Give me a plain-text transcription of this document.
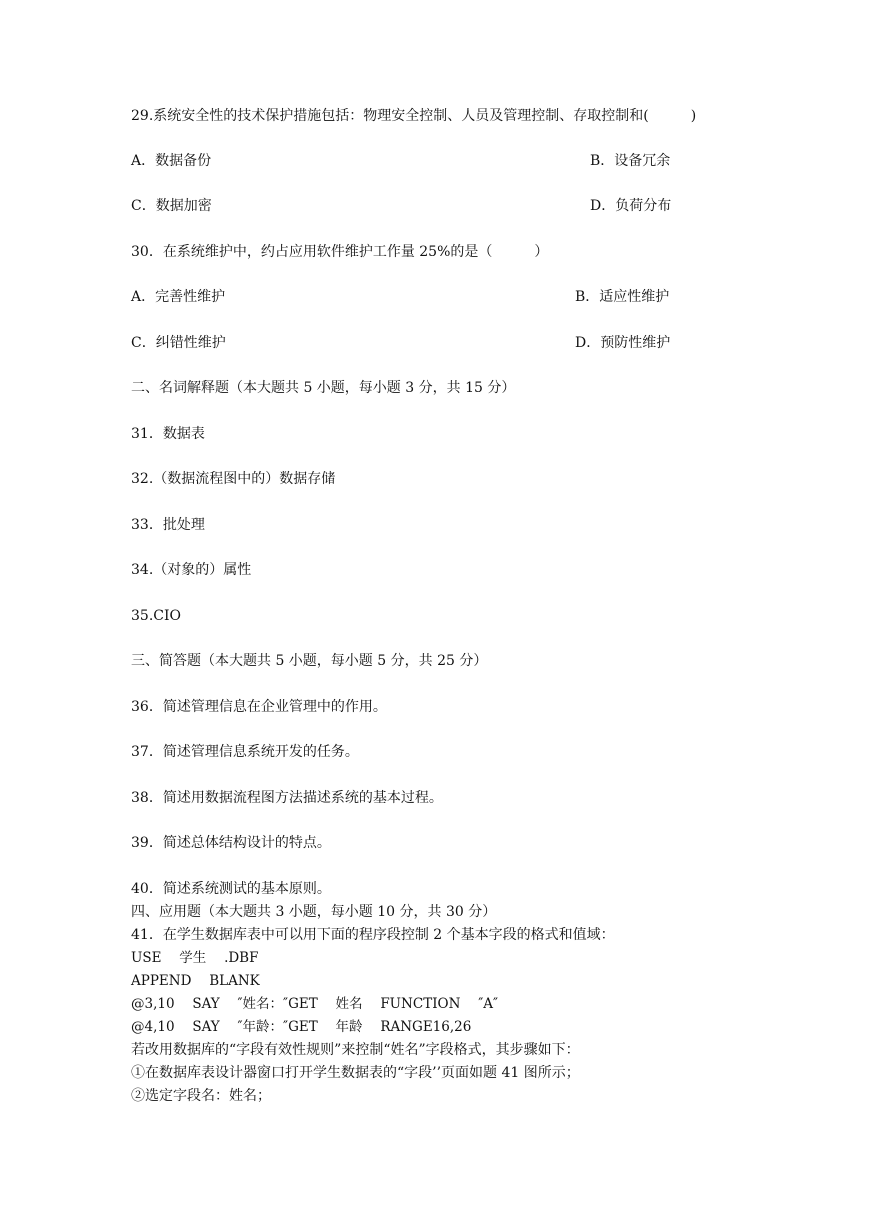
29.系统安全性的技术保护措施包括：物理安全控制、人员及管理控制、存取控制和(　　　)
A．数据备份	B．设备冗余
C．数据加密	D．负荷分布
30．在系统维护中，约占应用软件维护工作量 25%的是（　　　）
A．完善性维护	B．适应性维护
C．纠错性维护	D．预防性维护
二、名词解释题（本大题共 5 小题，每小题 3 分，共 15 分）
31．数据表
32.（数据流程图中的）数据存储
33．批处理
34.（对象的）属性
35.CIO
三、简答题（本大题共 5 小题，每小题 5 分，共 25 分）
36．简述管理信息在企业管理中的作用。
37．简述管理信息系统开发的任务。
38．简述用数据流程图方法描述系统的基本过程。
39．简述总体结构设计的特点。
40．简述系统测试的基本原则。
四、应用题（本大题共 3 小题，每小题 10 分，共 30 分）
41．在学生数据库表中可以用下面的程序段控制 2 个基本字段的格式和值域：
USE　 学生　 .DBF
APPEND　 BLANK
@3,10　 SAY　 ″姓名：″GET　 姓名　 FUNCTION　 ″A″
@4,10　 SAY　 ″年龄：″GET　 年龄　 RANGE16,26
若改用数据库的“字段有效性规则”来控制“姓名”字段格式，其步骤如下：
①在数据库表设计器窗口打开学生数据表的“字段’’页面如题 41 图所示；
②选定字段名：姓名；
